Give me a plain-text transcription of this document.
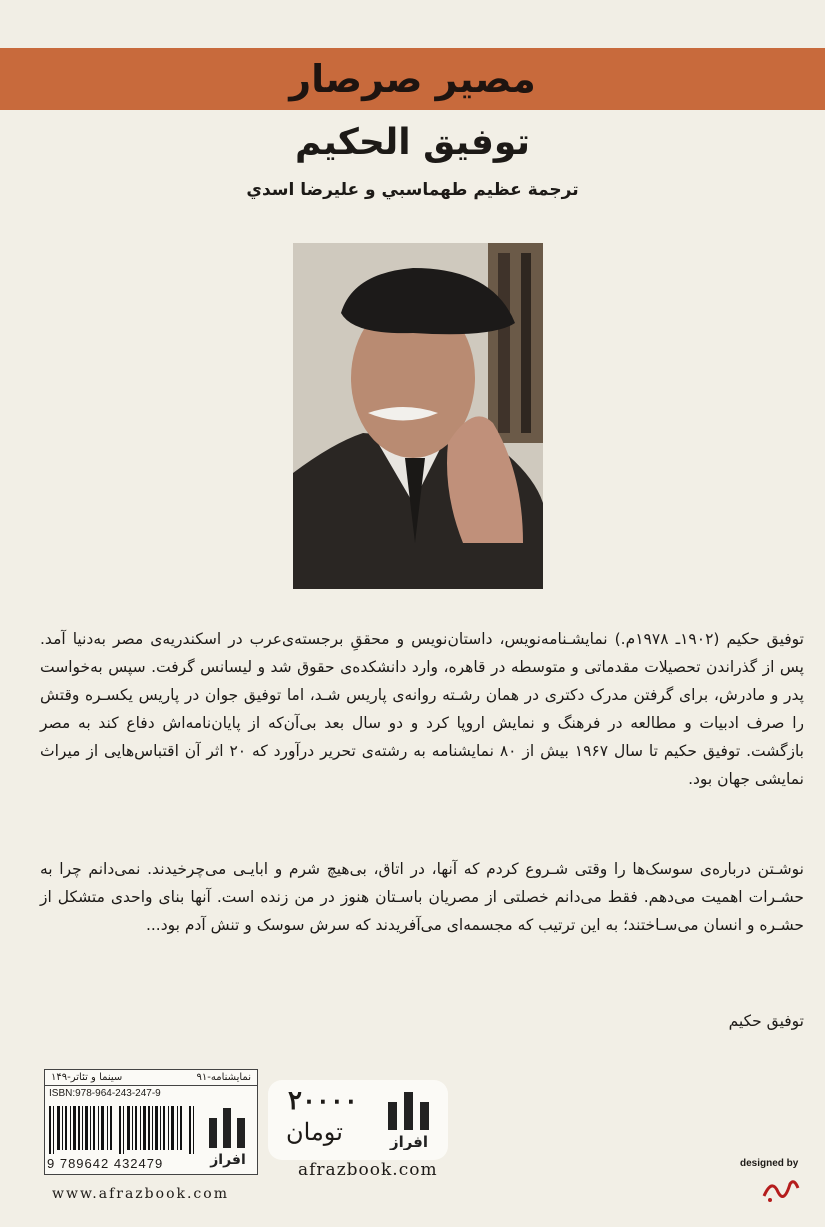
مصیر صرصار
توفیق الحکیم
ترجمة عظیم طهماسبي و علیرضا اسدي
توفیق حکیم (۱۹۰۲ـ ۱۹۷۸م.) نمایشـنامه‌نویس، داستان‌نویس و محققِ برجسته‌ی‌عرب در اسکندریه‌ی مصر به‌دنیا آمد. پس از گذراندن تحصیلات مقدماتی و متوسطه در قاهره، وارد دانشکده‌ی حقوق شد و لیسانس گرفت. سپس به‌خواست پدر و مادرش، برای گرفتن مدرک دکتری در همان رشـته روانه‌ی پاریس شـد، اما توفیق جوان در پاریس یکسـره وقتش را صرف ادبیات و مطالعه در فرهنگ و نمایش اروپا کرد و دو سال بعد بی‌آن‌که از پایان‌نامه‌اش دفاع کند به مصر بازگشت. توفیق حکیم تا سال ۱۹۶۷ بیش از ۸۰ نمایشنامه به رشته‌ی تحریر درآورد که ۲۰ اثر آن اقتباس‌هایی از میراث نمایشی جهان بود.
نوشـتن درباره‌ی سوسک‌ها را وقتی شـروع کردم که آنها، در اتاق، بی‌هیچ شرم و ابایـی می‌چرخیدند. نمی‌دانم چرا به حشـرات اهمیت می‌دهم. فقط می‌دانم خصلتی از مصریان باسـتان هنوز در من زنده است. آنها بنای واحدی متشکل از حشـره و انسان می‌سـاختند؛ به این ترتیب که مجسمه‌ای می‌آفریدند که سرش سوسک و تنش آدم بود...
توفیق حکیم
نمایشنامه-۹۱
سینما و تئاتر-۱۴۹
ISBN:978-964-243-247-9
9 789642 432479	افراز
۲۰۰۰۰
تومان	افراز
afrazbook.com
www.afrazbook.com
designed by
